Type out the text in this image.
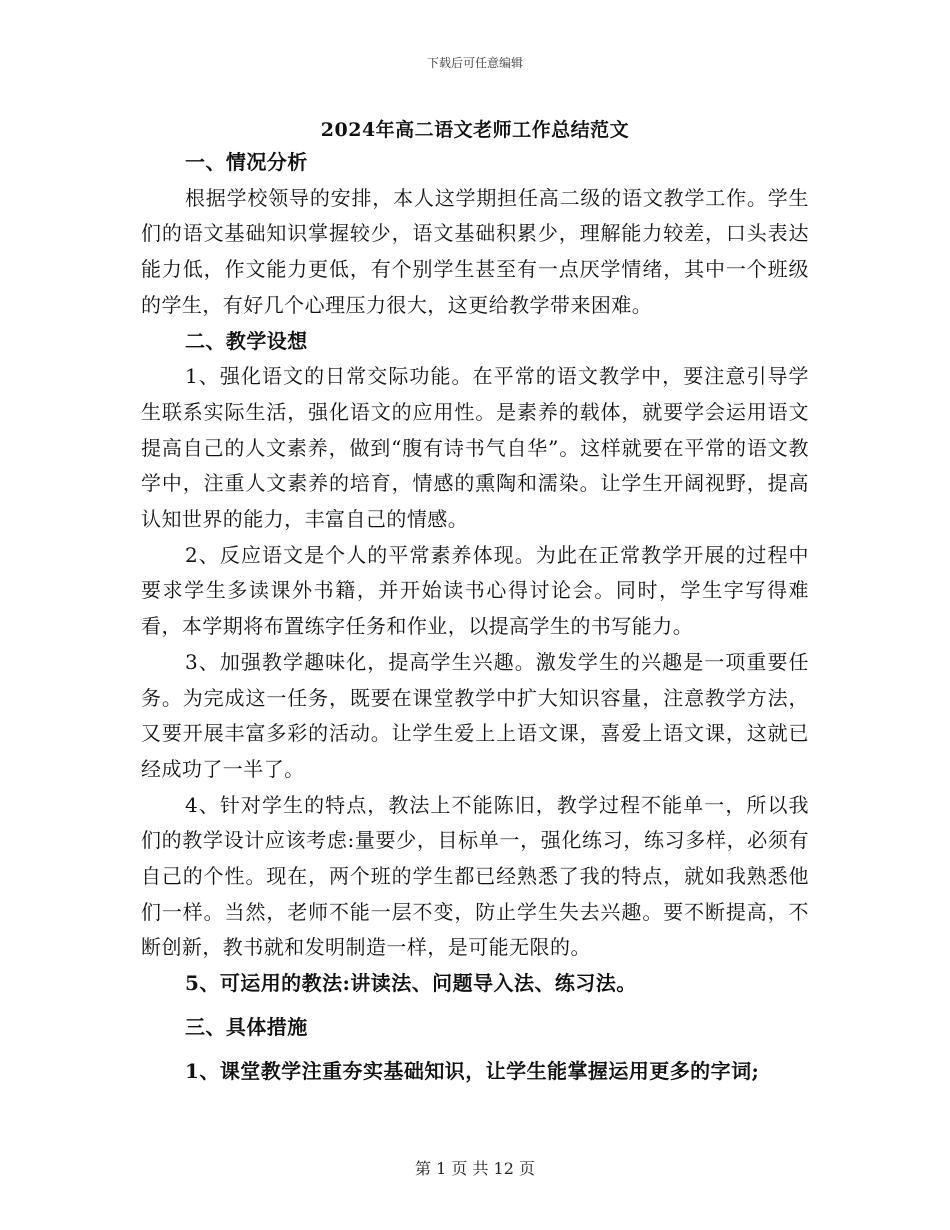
下载后可任意编辑
2024年高二语文老师工作总结范文

一、情况分析

根据学校领导的安排，本人这学期担任高二级的语文教学工作。学生们的语文基础知识掌握较少，语文基础积累少，理解能力较差，口头表达能力低，作文能力更低，有个别学生甚至有一点厌学情绪，其中一个班级的学生，有好几个心理压力很大，这更给教学带来困难。

二、教学设想

1、强化语文的日常交际功能。在平常的语文教学中，要注意引导学生联系实际生活，强化语文的应用性。是素养的载体，就要学会运用语文提高自己的人文素养，做到“腹有诗书气自华”。这样就要在平常的语文教学中，注重人文素养的培育，情感的熏陶和濡染。让学生开阔视野，提高认知世界的能力，丰富自己的情感。

2、反应语文是个人的平常素养体现。为此在正常教学开展的过程中要求学生多读课外书籍，并开始读书心得讨论会。同时，学生字写得难看，本学期将布置练字任务和作业，以提高学生的书写能力。

3、加强教学趣味化，提高学生兴趣。激发学生的兴趣是一项重要任务。为完成这一任务，既要在课堂教学中扩大知识容量，注意教学方法，又要开展丰富多彩的活动。让学生爱上上语文课，喜爱上语文课，这就已经成功了一半了。

4、针对学生的特点，教法上不能陈旧，教学过程不能单一，所以我们的教学设计应该考虑:量要少，目标单一，强化练习，练习多样，必须有自己的个性。现在，两个班的学生都已经熟悉了我的特点，就如我熟悉他们一样。当然，老师不能一层不变，防止学生失去兴趣。要不断提高，不断创新，教书就和发明制造一样，是可能无限的。

5、可运用的教法:讲读法、问题导入法、练习法。

三、具体措施

1、课堂教学注重夯实基础知识，让学生能掌握运用更多的字词;

第 1 页 共 12 页
